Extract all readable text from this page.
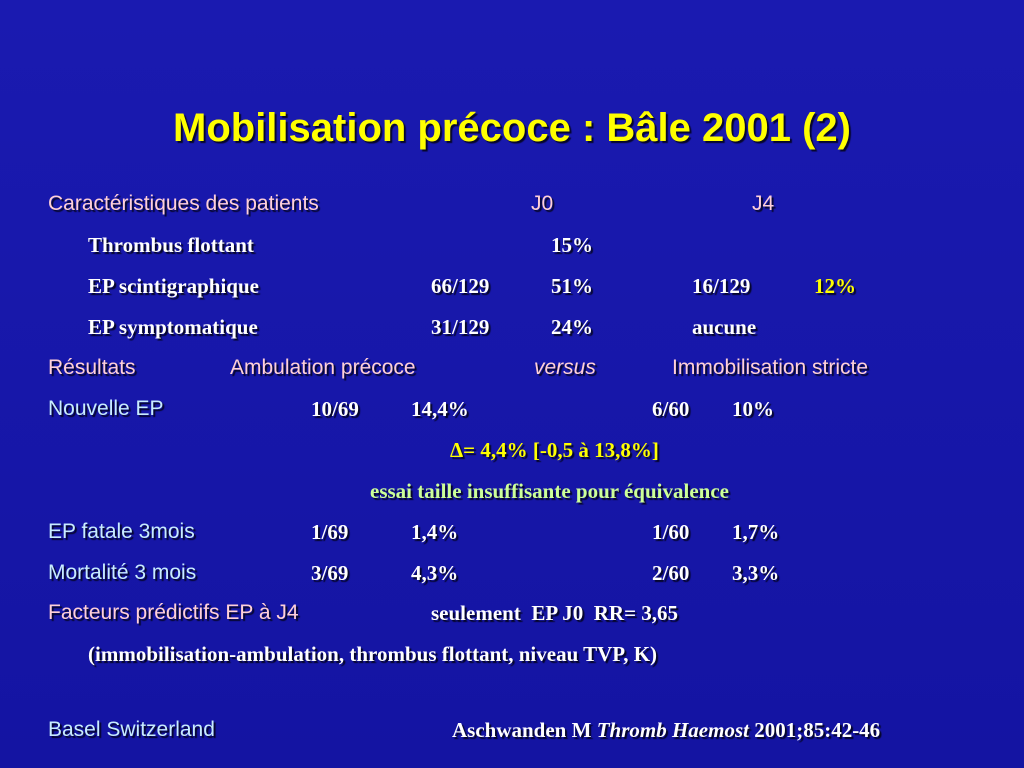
Mobilisation précoce : Bâle 2001 (2)
Caractéristiques des patients	J0	J4
Thrombus flottant	15%
EP scintigraphique	66/129	51%	16/129	12%
EP symptomatique	31/129	24%	aucune
Résultats	Ambulation précoce	versus	Immobilisation stricte
Nouvelle EP	10/69 14,4%	6/60 10%
Δ= 4,4% [-0,5 à 13,8%]
essai taille insuffisante pour équivalence
EP fatale 3mois	1/69	1,4%	1/60 1,7%
Mortalité 3 mois	3/69	4,3%	2/60 3,3%
Facteurs prédictifs EP à J4	seulement  EP J0  RR= 3,65
(immobilisation-ambulation, thrombus flottant, niveau TVP, K)
Basel Switzerland	Aschwanden M Thromb Haemost 2001;85:42-46
